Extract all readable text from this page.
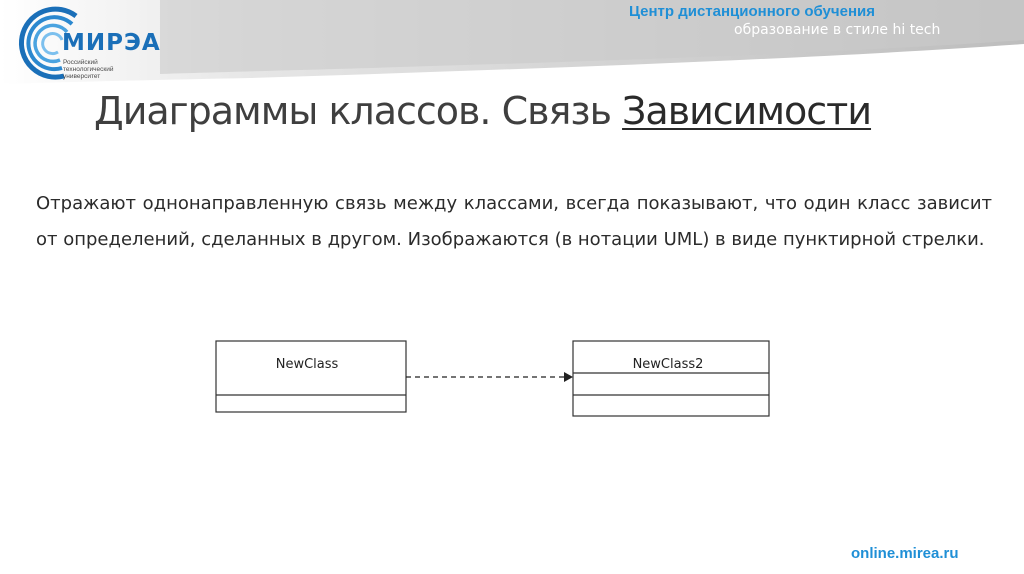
МИРЭА
Российский
технологический
университет
Центр дистанционного обучения
образование в стиле hi tech
Диаграммы классов. Связь Зависимости
Отражают однонаправленную связь между классами, всегда показывают, что один класс зависит от определений, сделанных в другом. Изображаются (в нотации UML) в виде пунктирной стрелки.
NewClass	NewClass2
online.mirea.ru
